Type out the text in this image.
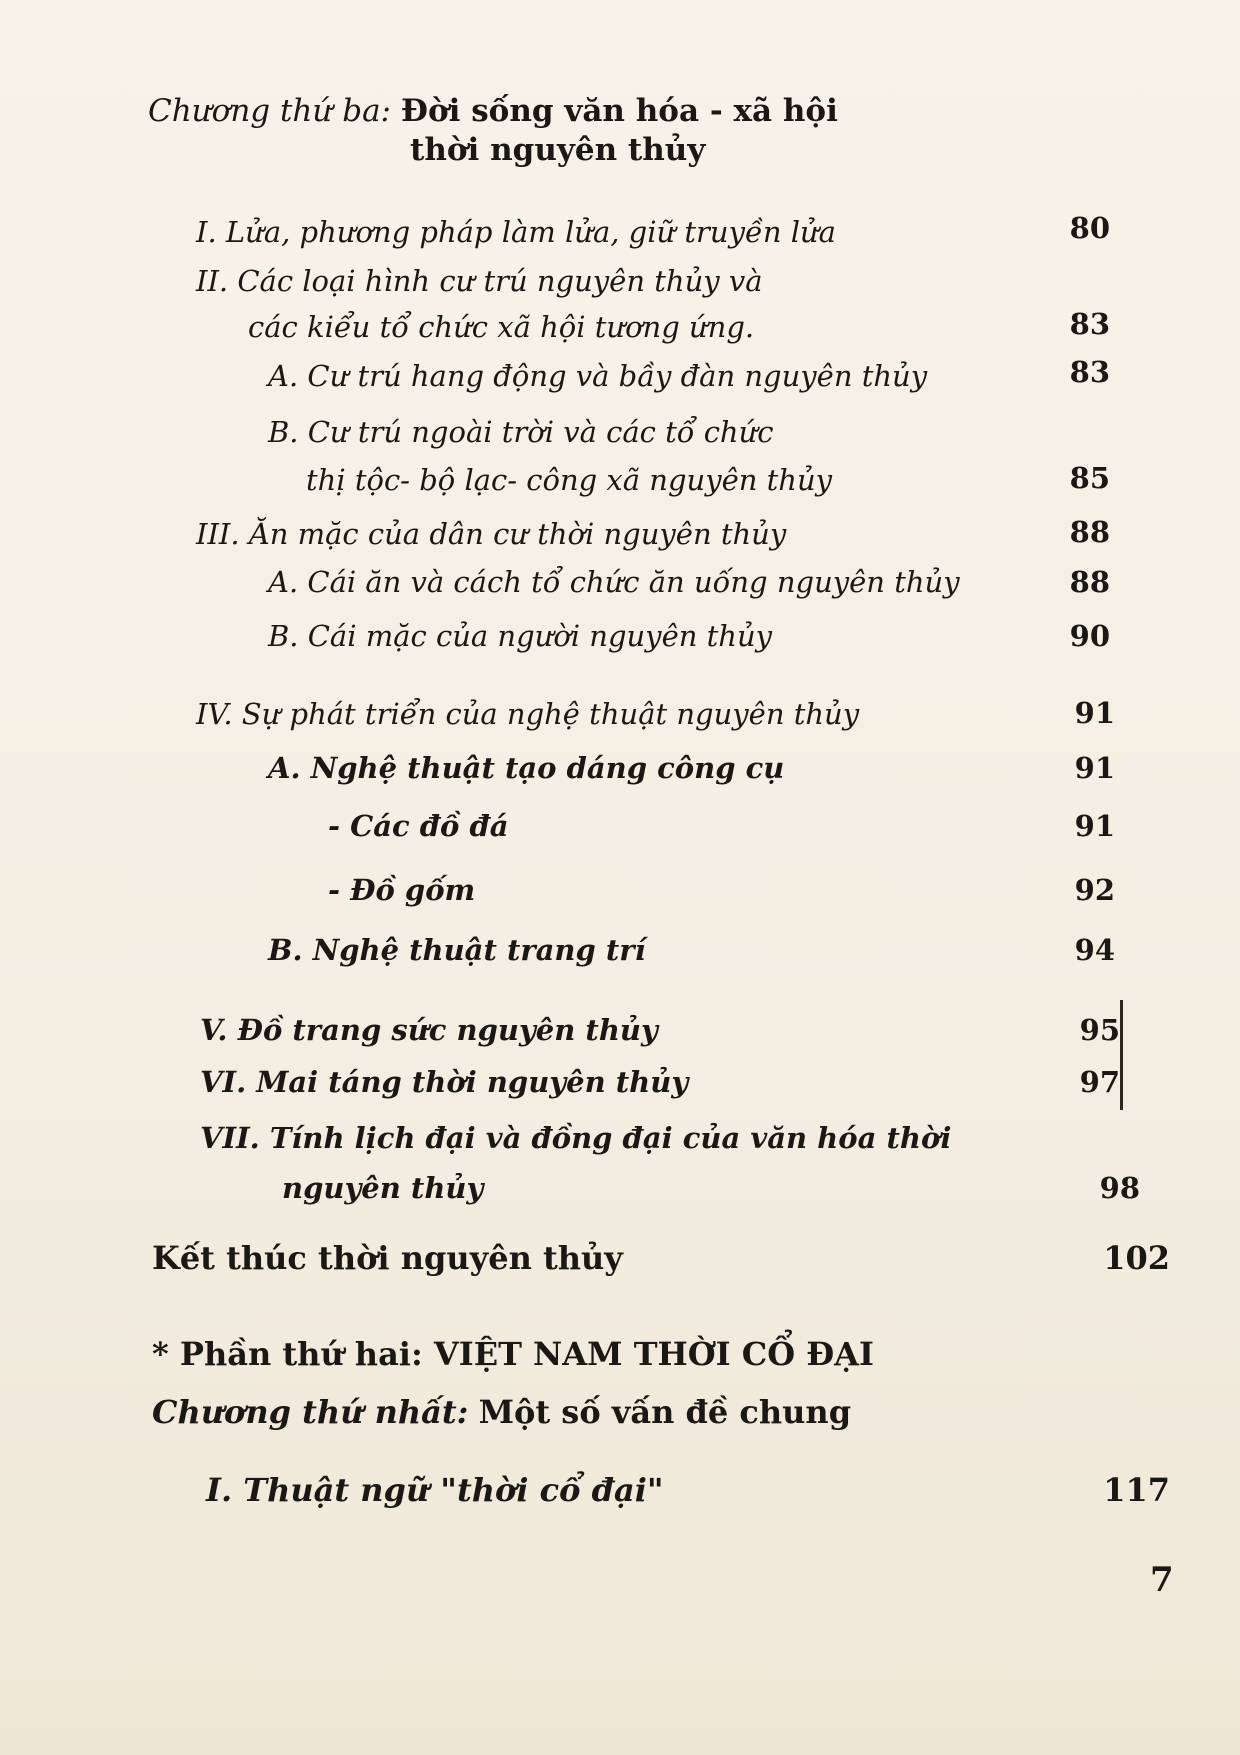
Chương thứ ba: Đời sống văn hóa - xã hội
thời nguyên thủy
I. Lửa, phương pháp làm lửa, giữ truyền lửa	80
II. Các loại hình cư trú nguyên thủy và
các kiểu tổ chức xã hội tương ứng.	83
A. Cư trú hang động và bầy đàn nguyên thủy	83
B. Cư trú ngoài trời và các tổ chức
thị tộc- bộ lạc- công xã nguyên thủy	85
III. Ăn mặc của dân cư thời nguyên thủy	88
A. Cái ăn và cách tổ chức ăn uống nguyên thủy	88
B. Cái mặc của người nguyên thủy	90
IV. Sự phát triển của nghệ thuật nguyên thủy	91
A. Nghệ thuật tạo dáng công cụ	91
- Các đồ đá	91
- Đồ gốm	92
B. Nghệ thuật trang trí	94
V. Đồ trang sức nguyên thủy	95
VI. Mai táng thời nguyên thủy	97
VII. Tính lịch đại và đồng đại của văn hóa thời
nguyên thủy	98
Kết thúc thời nguyên thủy	102
* Phần thứ hai: VIỆT NAM THỜI CỔ ĐẠI
Chương thứ nhất: Một số vấn đề chung
I. Thuật ngữ "thời cổ đại"	117
7
